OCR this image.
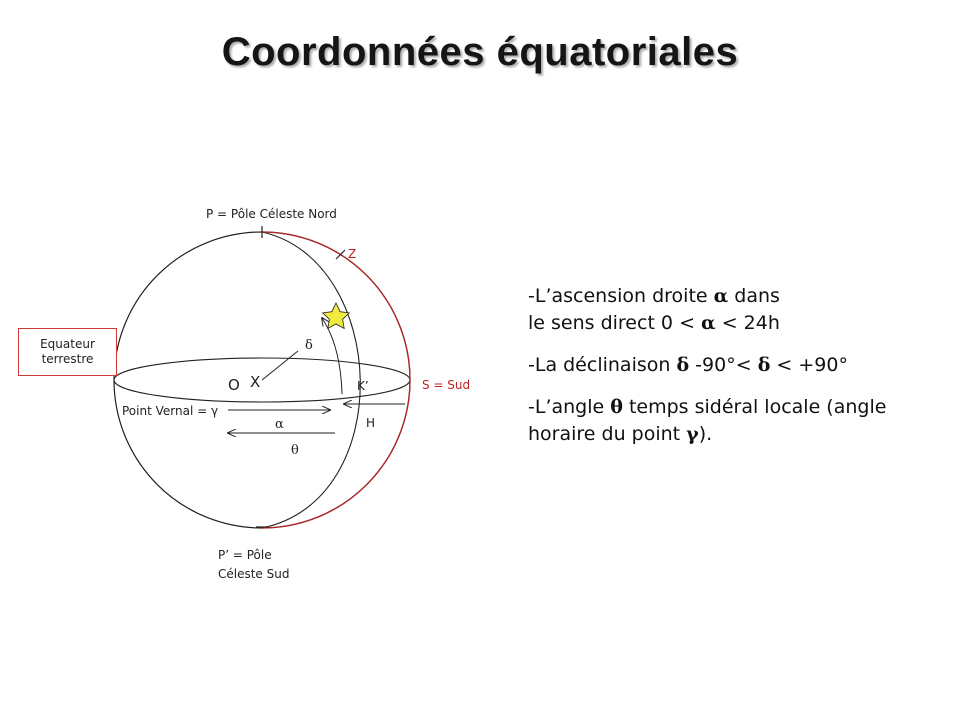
Coordonnées équatoriales
P = Pôle Céleste Nord
Z
S = Sud
K’
H
O X
Point Vernal = γ
α
δ
θ
P’ = Pôle
Céleste Sud
Equateur
terrestre

-L’ascension droite α dans
le sens direct 0 < α < 24h

-La déclinaison δ -90°< δ < +90°

-L’angle θ temps sidéral locale (angle
horaire du point γ).
